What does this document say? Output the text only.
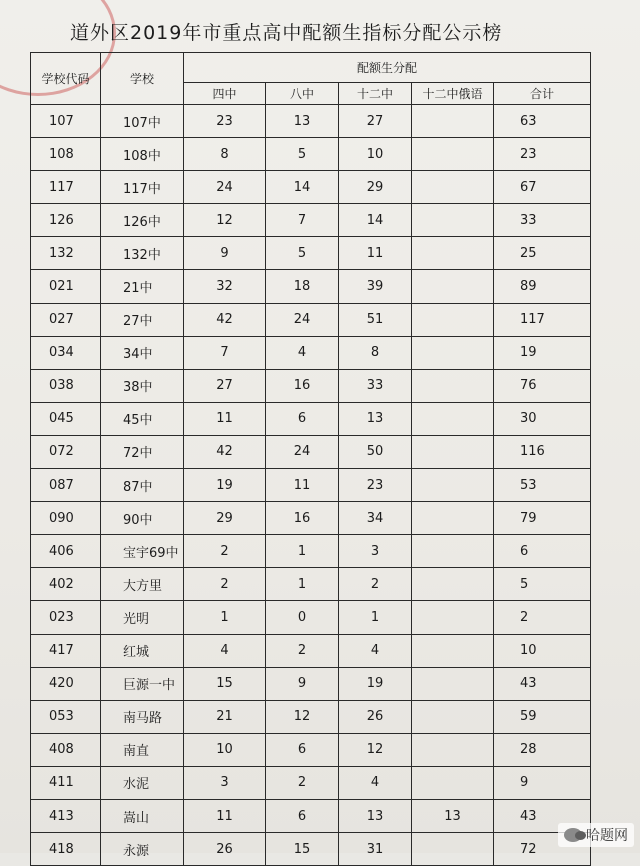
道外区2019年市重点高中配额生指标分配公示榜
学校代码	学校	配额生分配				
		四中	八中	十二中	十二中俄语	合计
107	107中	23	13	27		63
108	108中	8	5	10		23
117	117中	24	14	29		67
126	126中	12	7	14		33
132	132中	9	5	11		25
021	21中	32	18	39		89
027	27中	42	24	51		117
034	34中	7	4	8		19
038	38中	27	16	33		76
045	45中	11	6	13		30
072	72中	42	24	50		116
087	87中	19	11	23		53
090	90中	29	16	34		79
406	宝宇69中	2	1	3		6
402	大方里	2	1	2		5
023	光明	1	0	1		2
417	红城	4	2	4		10
420	巨源一中	15	9	19		43
053	南马路	21	12	26		59
408	南直	10	6	12		28
411	水泥	3	2	4		9
413	嵩山	11	6	13	13	43
418	永源	26	15	31		72
哈题网
